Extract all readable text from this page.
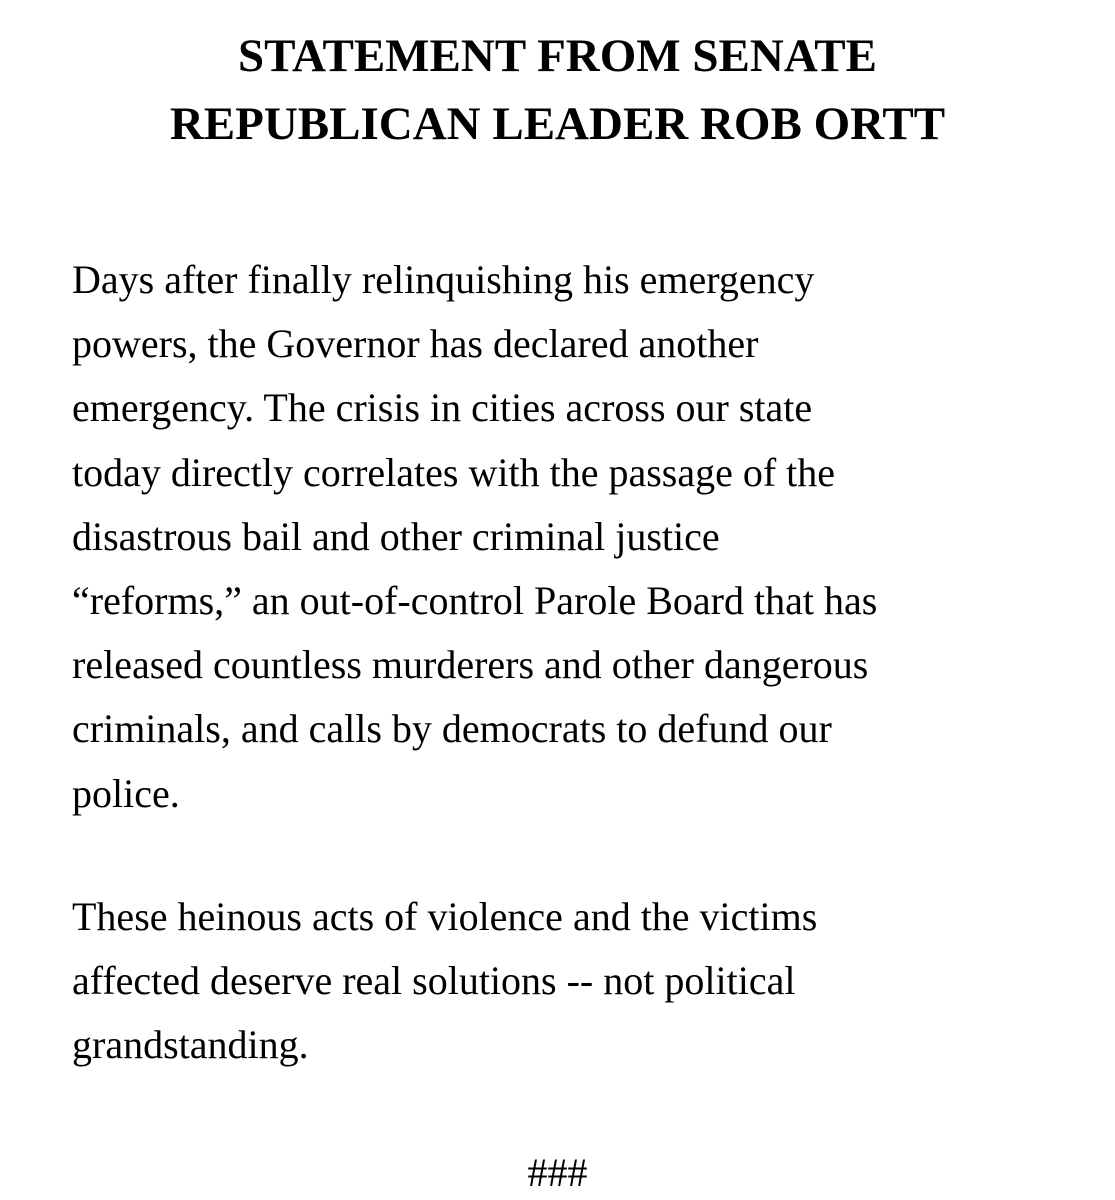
STATEMENT FROM SENATE
REPUBLICAN LEADER ROB ORTT

Days after finally relinquishing his emergency
powers, the Governor has declared another
emergency. The crisis in cities across our state
today directly correlates with the passage of the
disastrous bail and other criminal justice
“reforms,” an out-of-control Parole Board that has
released countless murderers and other dangerous
criminals, and calls by democrats to defund our
police.

These heinous acts of violence and the victims
affected deserve real solutions -- not political
grandstanding.

###
